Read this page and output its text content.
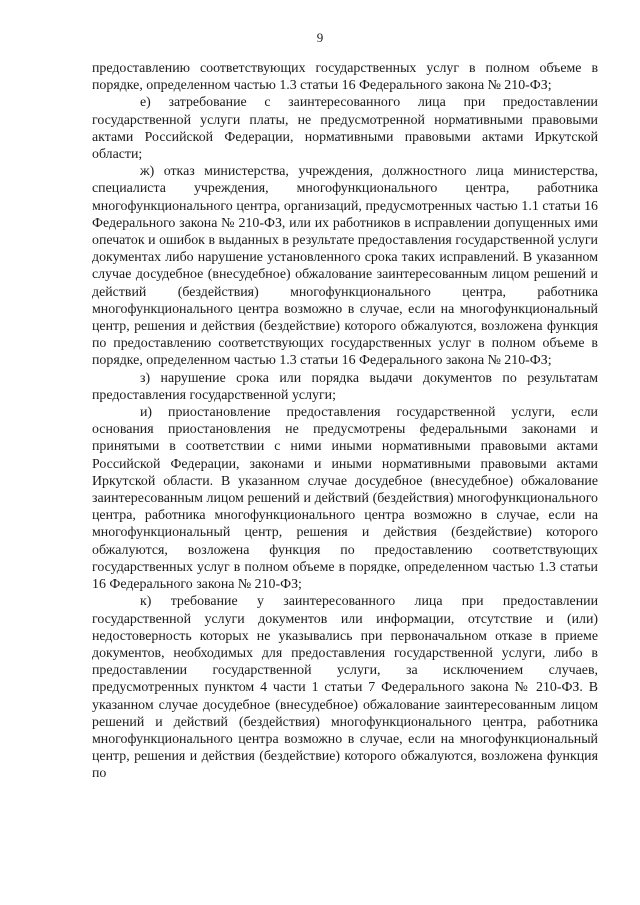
9

предоставлению соответствующих государственных услуг в полном объеме в порядке, определенном частью 1.3 статьи 16 Федерального закона № 210-ФЗ;

е) затребование с заинтересованного лица при предоставлении государственной услуги платы, не предусмотренной нормативными правовыми актами Российской Федерации, нормативными правовыми актами Иркутской области;

ж) отказ министерства, учреждения, должностного лица министерства, специалиста учреждения, многофункционального центра, работника многофункционального центра, организаций, предусмотренных частью 1.1 статьи 16 Федерального закона № 210-ФЗ, или их работников в исправлении допущенных ими опечаток и ошибок в выданных в результате предоставления государственной услуги документах либо нарушение установленного срока таких исправлений. В указанном случае досудебное (внесудебное) обжалование заинтересованным лицом решений и действий (бездействия) многофункционального центра, работника многофункционального центра возможно в случае, если на многофункциональный центр, решения и действия (бездействие) которого обжалуются, возложена функция по предоставлению соответствующих государственных услуг в полном объеме в порядке, определенном частью 1.3 статьи 16 Федерального закона № 210-ФЗ;

з) нарушение срока или порядка выдачи документов по результатам предоставления государственной услуги;

и) приостановление предоставления государственной услуги, если основания приостановления не предусмотрены федеральными законами и принятыми в соответствии с ними иными нормативными правовыми актами Российской Федерации, законами и иными нормативными правовыми актами Иркутской области. В указанном случае досудебное (внесудебное) обжалование заинтересованным лицом решений и действий (бездействия) многофункционального центра, работника многофункционального центра возможно в случае, если на многофункциональный центр, решения и действия (бездействие) которого обжалуются, возложена функция по предоставлению соответствующих государственных услуг в полном объеме в порядке, определенном частью 1.3 статьи 16 Федерального закона № 210-ФЗ;

к) требование у заинтересованного лица при предоставлении государственной услуги документов или информации, отсутствие и (или) недостоверность которых не указывались при первоначальном отказе в приеме документов, необходимых для предоставления государственной услуги, либо в предоставлении государственной услуги, за исключением случаев, предусмотренных пунктом 4 части 1 статьи 7 Федерального закона № 210-ФЗ. В указанном случае досудебное (внесудебное) обжалование заинтересованным лицом решений и действий (бездействия) многофункционального центра, работника многофункционального центра возможно в случае, если на многофункциональный центр, решения и действия (бездействие) которого обжалуются, возложена функция по
